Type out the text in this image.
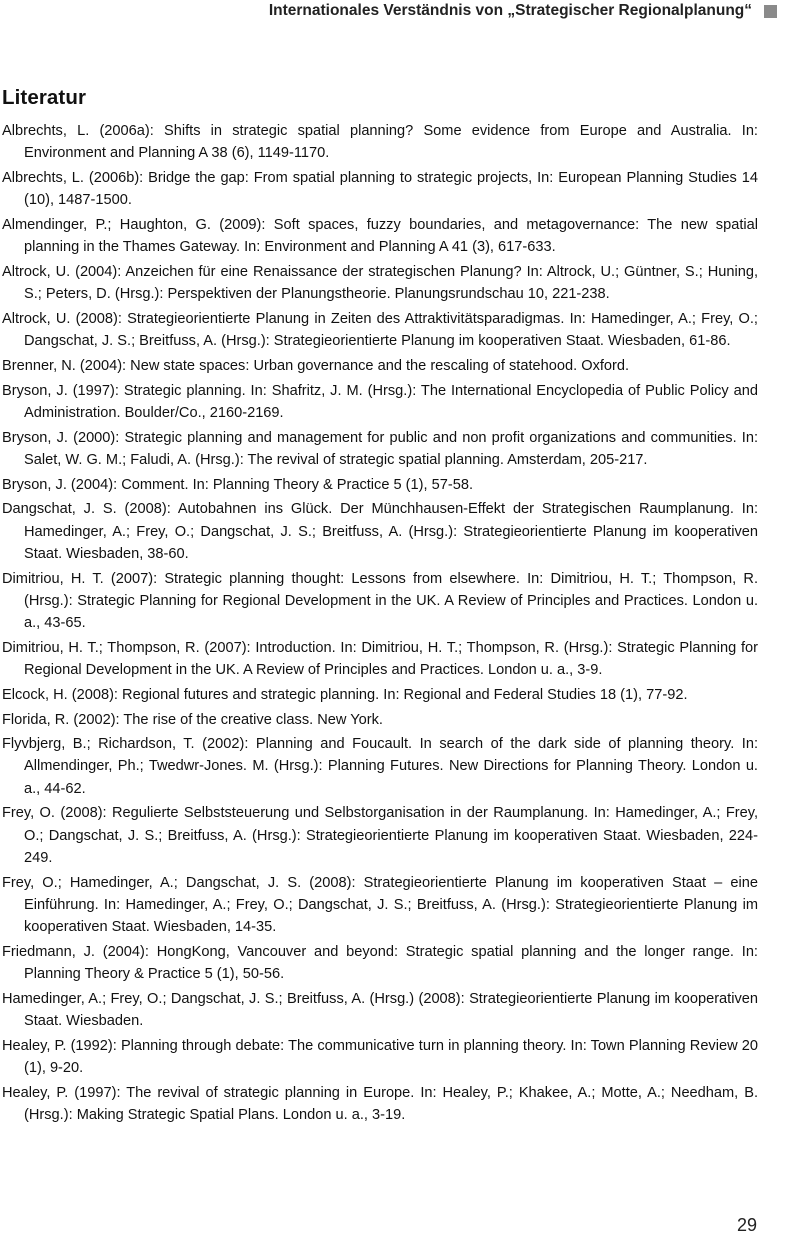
Internationales Verständnis von „Strategischer Regionalplanung“
Literatur
Albrechts, L. (2006a): Shifts in strategic spatial planning? Some evidence from Europe and Australia. In: Environment and Planning A 38 (6), 1149-1170.
Albrechts, L. (2006b): Bridge the gap: From spatial planning to strategic projects, In: European Planning Studies 14 (10), 1487-1500.
Almendinger, P.; Haughton, G. (2009): Soft spaces, fuzzy boundaries, and metagovernance: The new spatial planning in the Thames Gateway. In: Environment and Planning A 41 (3), 617-633.
Altrock, U. (2004): Anzeichen für eine Renaissance der strategischen Planung? In: Altrock, U.; Güntner, S.; Huning, S.; Peters, D. (Hrsg.): Perspektiven der Planungstheorie. Planungsrundschau 10, 221-238.
Altrock, U. (2008): Strategieorientierte Planung in Zeiten des Attraktivitätsparadigmas. In: Hamedinger, A.; Frey, O.; Dangschat, J. S.; Breitfuss, A. (Hrsg.): Strategieorientierte Planung im kooperativen Staat. Wiesbaden, 61-86.
Brenner, N. (2004): New state spaces: Urban governance and the rescaling of statehood. Oxford.
Bryson, J. (1997): Strategic planning. In: Shafritz, J. M. (Hrsg.): The International Encyclopedia of Public Policy and Administration. Boulder/Co., 2160-2169.
Bryson, J. (2000): Strategic planning and management for public and non profit organizations and communities. In: Salet, W. G. M.; Faludi, A. (Hrsg.): The revival of strategic spatial planning. Amsterdam, 205-217.
Bryson, J. (2004): Comment. In: Planning Theory & Practice 5 (1), 57-58.
Dangschat, J. S. (2008): Autobahnen ins Glück. Der Münchhausen-Effekt der Strategischen Raumplanung. In: Hamedinger, A.; Frey, O.; Dangschat, J. S.; Breitfuss, A. (Hrsg.): Strategieorientierte Planung im kooperativen Staat. Wiesbaden, 38-60.
Dimitriou, H. T. (2007): Strategic planning thought: Lessons from elsewhere. In: Dimitriou, H. T.; Thompson, R. (Hrsg.): Strategic Planning for Regional Development in the UK. A Review of Principles and Practices. London u. a., 43-65.
Dimitriou, H. T.; Thompson, R. (2007): Introduction. In: Dimitriou, H. T.; Thompson, R. (Hrsg.): Strategic Planning for Regional Development in the UK. A Review of Principles and Practices. London u. a., 3-9.
Elcock, H. (2008): Regional futures and strategic planning. In: Regional and Federal Studies 18 (1), 77-92.
Florida, R. (2002): The rise of the creative class. New York.
Flyvbjerg, B.; Richardson, T. (2002): Planning and Foucault. In search of the dark side of planning theory. In: Allmendinger, Ph.; Twedwr-Jones. M. (Hrsg.): Planning Futures. New Directions for Planning Theory. London u. a., 44-62.
Frey, O. (2008): Regulierte Selbststeuerung und Selbstorganisation in der Raumplanung. In: Hamedinger, A.; Frey, O.; Dangschat, J. S.; Breitfuss, A. (Hrsg.): Strategieorientierte Planung im kooperativen Staat. Wiesbaden, 224-249.
Frey, O.; Hamedinger, A.; Dangschat, J. S. (2008): Strategieorientierte Planung im kooperativen Staat – eine Einführung. In: Hamedinger, A.; Frey, O.; Dangschat, J. S.; Breitfuss, A. (Hrsg.): Strategieorientierte Planung im kooperativen Staat. Wiesbaden, 14-35.
Friedmann, J. (2004): HongKong, Vancouver and beyond: Strategic spatial planning and the longer range. In: Planning Theory & Practice 5 (1), 50-56.
Hamedinger, A.; Frey, O.; Dangschat, J. S.; Breitfuss, A. (Hrsg.) (2008): Strategieorientierte Planung im kooperativen Staat. Wiesbaden.
Healey, P. (1992): Planning through debate: The communicative turn in planning theory. In: Town Planning Review 20 (1), 9-20.
Healey, P. (1997): The revival of strategic planning in Europe. In: Healey, P.; Khakee, A.; Motte, A.; Needham, B. (Hrsg.): Making Strategic Spatial Plans. London u. a., 3-19.
29
